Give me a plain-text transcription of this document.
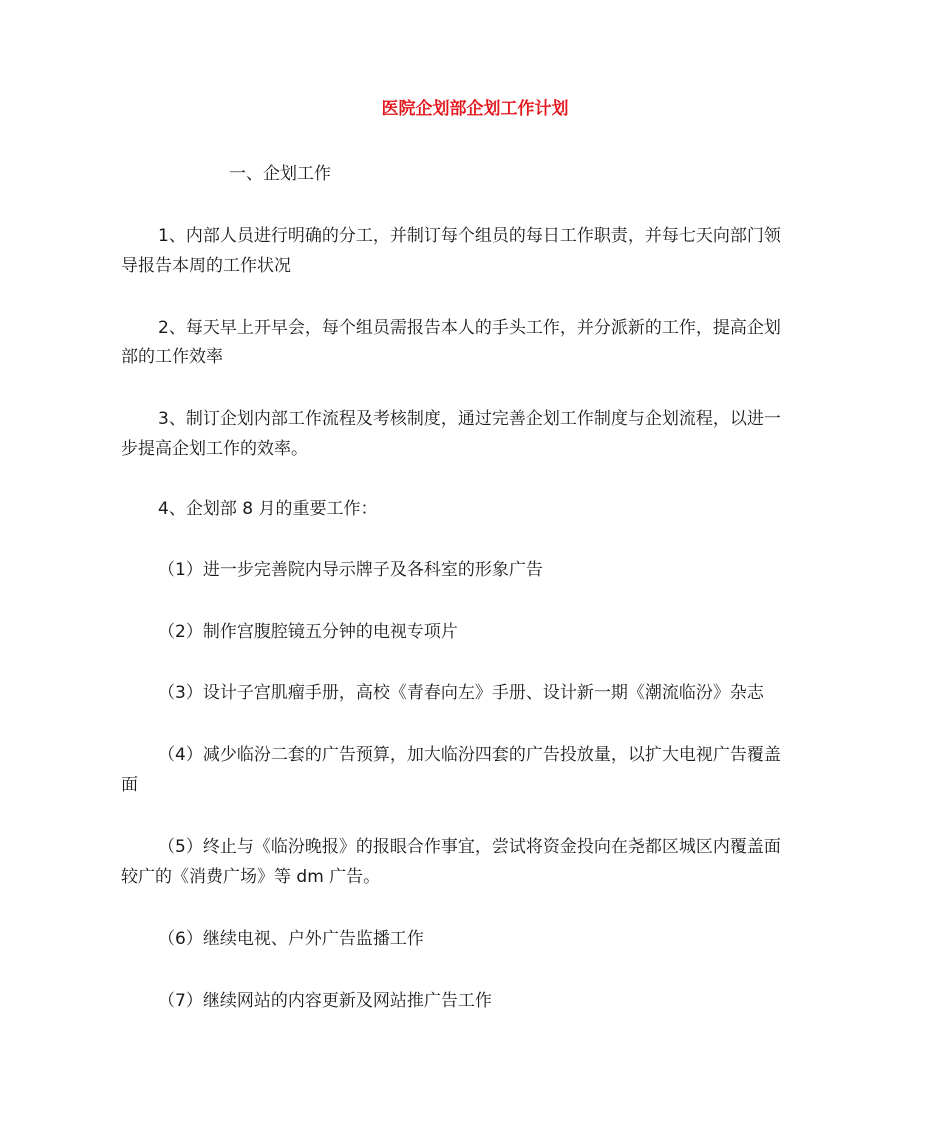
医院企划部企划工作计划
一、企划工作
1、内部人员进行明确的分工，并制订每个组员的每日工作职责，并每七天向部门领
导报告本周的工作状况
2、每天早上开早会，每个组员需报告本人的手头工作，并分派新的工作，提高企划
部的工作效率
3、制订企划内部工作流程及考核制度，通过完善企划工作制度与企划流程，以进一
步提高企划工作的效率。
4、企划部 8 月的重要工作：
（1）进一步完善院内导示牌子及各科室的形象广告
（2）制作宫腹腔镜五分钟的电视专项片
（3）设计子宫肌瘤手册，高校《青春向左》手册、设计新一期《潮流临汾》杂志
（4）减少临汾二套的广告预算，加大临汾四套的广告投放量，以扩大电视广告覆盖
面
（5）终止与《临汾晚报》的报眼合作事宜，尝试将资金投向在尧都区城区内覆盖面
较广的《消费广场》等 dm 广告。
（6）继续电视、户外广告监播工作
（7）继续网站的内容更新及网站推广告工作
